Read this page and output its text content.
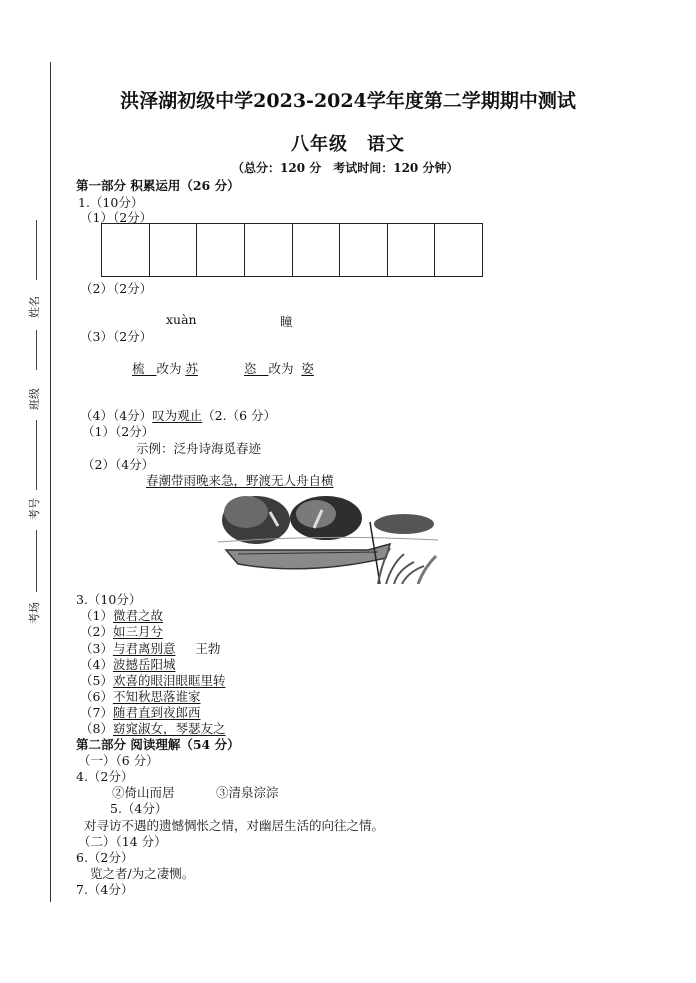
姓名
班级
考号
考场
洪泽湖初级中学2023-2024学年度第二学期期中测试
八年级　语文
（总分：120 分　考试时间：120 分钟）
第一部分 积累运用（26 分）
1.（10分）
（1）（2分）
（2）（2分）
xuàn	瞳
（3）（2分）
梳 改为 苏	恣 改为 姿
（4）（4分）叹为观止（2.（6 分）
（1）（2分）
示例：泛舟诗海觅春迹
（2）（4分）
春潮带雨晚来急，野渡无人舟自横
3.（10分）
（1）微君之故
（2）如三月兮
（3）与君离别意 王勃
（4）波撼岳阳城
（5）欢喜的眼泪眼眶里转
（6）不知秋思落谁家
（7）随君直到夜郎西
（8）窈窕淑女，琴瑟友之
第二部分 阅读理解（54 分）
（一）（6 分）
4.（2分）
②倚山而居	③清泉淙淙
5.（4分）
对寻访不遇的遗憾惆怅之情，对幽居生活的向往之情。
（二）（14 分）
6.（2分）
览之者/为之凄恻。
7.（4分）
